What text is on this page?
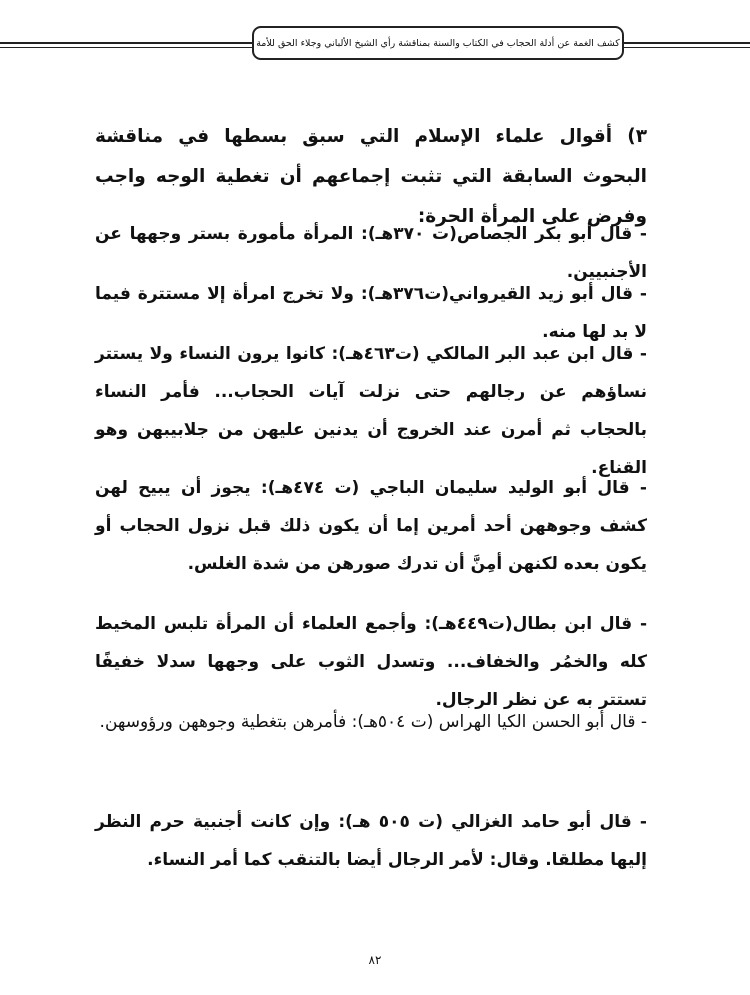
كشف الغمة عن أدلة الحجاب في الكتاب والسنة بمناقشة رأي الشيخ الألباني وجلاء الحق للأمة

٣) أقوال علماء الإسلام التي سبق بسطها في مناقشة البحوث السابقة التي تثبت إجماعهم أن تغطية الوجه واجب وفرض على المرأة الحرة:

- قال أبو بكر الجصاص(ت ٣٧٠هـ): المرأة مأمورة بستر وجهها عن الأجنبيين.

- قال أبو زيد القيرواني(ت٣٧٦هـ): ولا تخرج امرأة إلا مستترة فيما لا بد لها منه.

- قال ابن عبد البر المالكي (ت٤٦٣هـ): كانوا يرون النساء ولا يستتر نساؤهم عن رجالهم حتى نزلت آيات الحجاب... فأمر النساء بالحجاب ثم أمرن عند الخروج أن يدنين عليهن من جلابيبهن وهو القناع.

- قال أبو الوليد سليمان الباجي (ت ٤٧٤هـ): يجوز أن يبيح لهن كشف وجوههن أحد أمرين إما أن يكون ذلك قبل نزول الحجاب أو يكون بعده لكنهن أمِنَّ أن تدرك صورهن من شدة الغلس.

- قال ابن بطال(ت٤٤٩هـ): وأجمع العلماء أن المرأة تلبس المخيط كله والخمُر والخفاف... وتسدل الثوب على وجهها سدلا خفيفًا تستتر به عن نظر الرجال.

- قال أبو الحسن الكيا الهراس (ت ٥٠٤هـ): فأمرهن بتغطية وجوههن ورؤوسهن.

- قال أبو حامد الغزالي (ت ٥٠٥ هـ): وإن كانت أجنبية حرم النظر إليها مطلقا. وقال: لأمر الرجال أيضا بالتنقب كما أمر النساء.

٨٢
